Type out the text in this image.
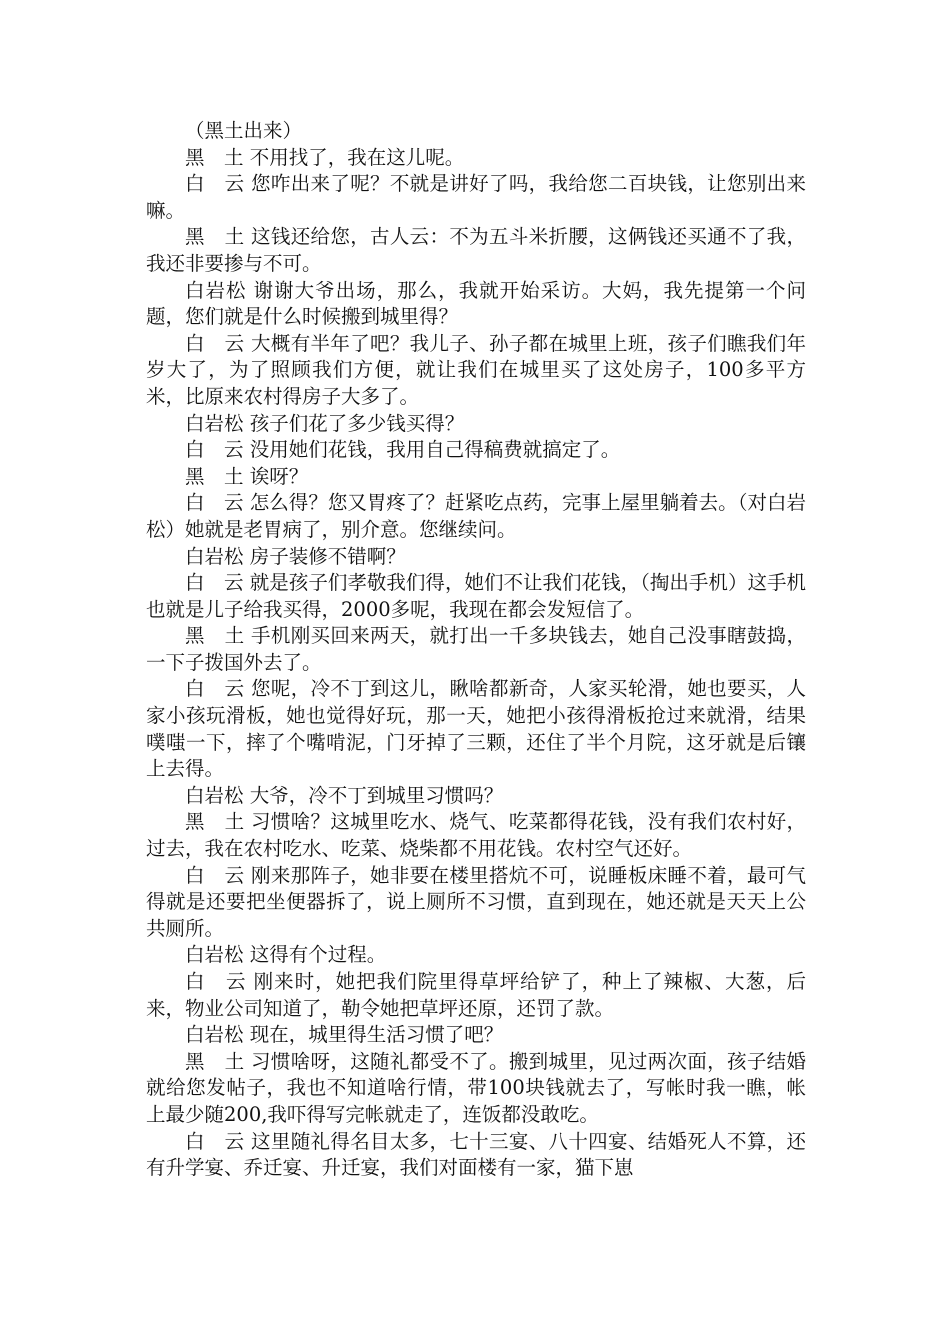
（黑土出来）

黑　土 不用找了，我在这儿呢。

白　云 您咋出来了呢？不就是讲好了吗，我给您二百块钱，让您别出来嘛。

黑　土 这钱还给您，古人云：不为五斗米折腰，这俩钱还买通不了我，我还非要掺与不可。

白岩松 谢谢大爷出场，那么，我就开始采访。大妈，我先提第一个问题，您们就是什么时候搬到城里得？

白　云 大概有半年了吧？我儿子、孙子都在城里上班，孩子们瞧我们年岁大了，为了照顾我们方便，就让我们在城里买了这处房子，100多平方米，比原来农村得房子大多了。

白岩松 孩子们花了多少钱买得？

白　云 没用她们花钱，我用自己得稿费就搞定了。

黑　土 诶呀？

白　云 怎么得？您又胃疼了？赶紧吃点药，完事上屋里躺着去。（对白岩松）她就是老胃病了，别介意。您继续问。

白岩松 房子装修不错啊？

白　云 就是孩子们孝敬我们得，她们不让我们花钱，（掏出手机）这手机也就是儿子给我买得，2000多呢，我现在都会发短信了。

黑　土 手机刚买回来两天，就打出一千多块钱去，她自己没事瞎鼓捣，一下子拨国外去了。

白　云 您呢，冷不丁到这儿，瞅啥都新奇，人家买轮滑，她也要买，人家小孩玩滑板，她也觉得好玩，那一天，她把小孩得滑板抢过来就滑，结果噗嗤一下，摔了个嘴啃泥，门牙掉了三颗，还住了半个月院，这牙就是后镶上去得。

白岩松 大爷，冷不丁到城里习惯吗？

黑　土 习惯啥？这城里吃水、烧气、吃菜都得花钱，没有我们农村好，过去，我在农村吃水、吃菜、烧柴都不用花钱。农村空气还好。

白　云 刚来那阵子，她非要在楼里搭炕不可，说睡板床睡不着，最可气得就是还要把坐便器拆了，说上厕所不习惯，直到现在，她还就是天天上公共厕所。

白岩松 这得有个过程。

白　云 刚来时，她把我们院里得草坪给铲了，种上了辣椒、大葱，后来，物业公司知道了，勒令她把草坪还原，还罚了款。

白岩松 现在，城里得生活习惯了吧？

黑　土 习惯啥呀，这随礼都受不了。搬到城里，见过两次面，孩子结婚就给您发帖子，我也不知道啥行情，带100块钱就去了，写帐时我一瞧，帐上最少随200,我吓得写完帐就走了，连饭都没敢吃。

白　云 这里随礼得名目太多，七十三宴、八十四宴、结婚死人不算，还有升学宴、乔迁宴、升迁宴，我们对面楼有一家，猫下崽
